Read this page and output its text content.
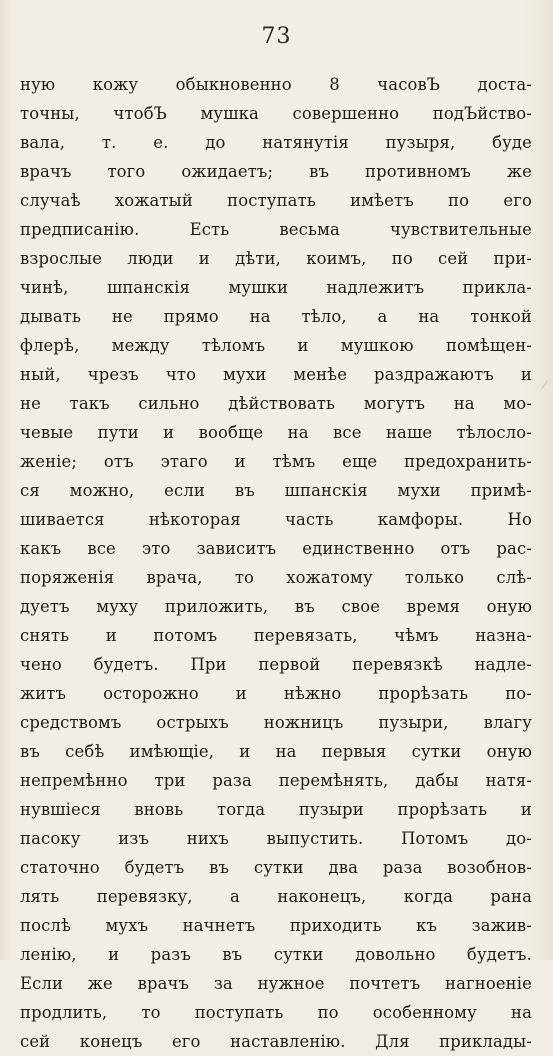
73
ную кожу обыкновенно 8 часовЪ доста-
точны, чтобЪ мушка совершенно подЪйство-
вала, т. е. до натянутія пузыря, буде
врачъ того ожидаетъ; въ противномъ же
случаѣ хожатый поступать имѣетъ по его
предписанію. Есть весьма чувствительные
взрослые люди и дѣти, коимъ, по сей при-
чинѣ, шпанскія мушки надлежитъ прикла-
дывать не прямо на тѣло, а на тонкой
флерѣ, между тѣломъ и мушкою помѣщен-
ный, чрезъ что мухи менѣе раздражаютъ и
не такъ сильно дѣйствовать могутъ на мо-
чевые пути и вообще на все наше тѣлосло-
женіе; отъ этаго и тѣмъ еще предохранить-
ся можно, если въ шпанскія мухи примѣ-
шивается нѣкоторая часть камфоры. Но
какъ все это зависитъ единственно отъ рас-
поряженія врача, то хожатому только слѣ-
дуетъ муху приложить, въ свое время оную
снять и потомъ перевязать, чѣмъ назна-
чено будетъ. При первой перевязкѣ надле-
житъ осторожно и нѣжно прорѣзать по-
средствомъ острыхъ ножницъ пузыри, влагу
въ себѣ имѣющіе, и на первыя сутки оную
непремѣнно три раза перемѣнять, дабы натя-
нувшіеся вновь тогда пузыри прорѣзать и
пасоку изъ нихъ выпустить. Потомъ до-
статочно будетъ въ сутки два раза возобнов-
лять перевязку, а наконецъ, когда рана
послѣ мухъ начнетъ приходить къ зажив-
ленію, и разъ въ сутки довольно будетъ.
Если же врачъ за нужное почтетъ нагноеніе
продлить, то поступать по особенному на
сей конецъ его наставленію. Для приклады-
